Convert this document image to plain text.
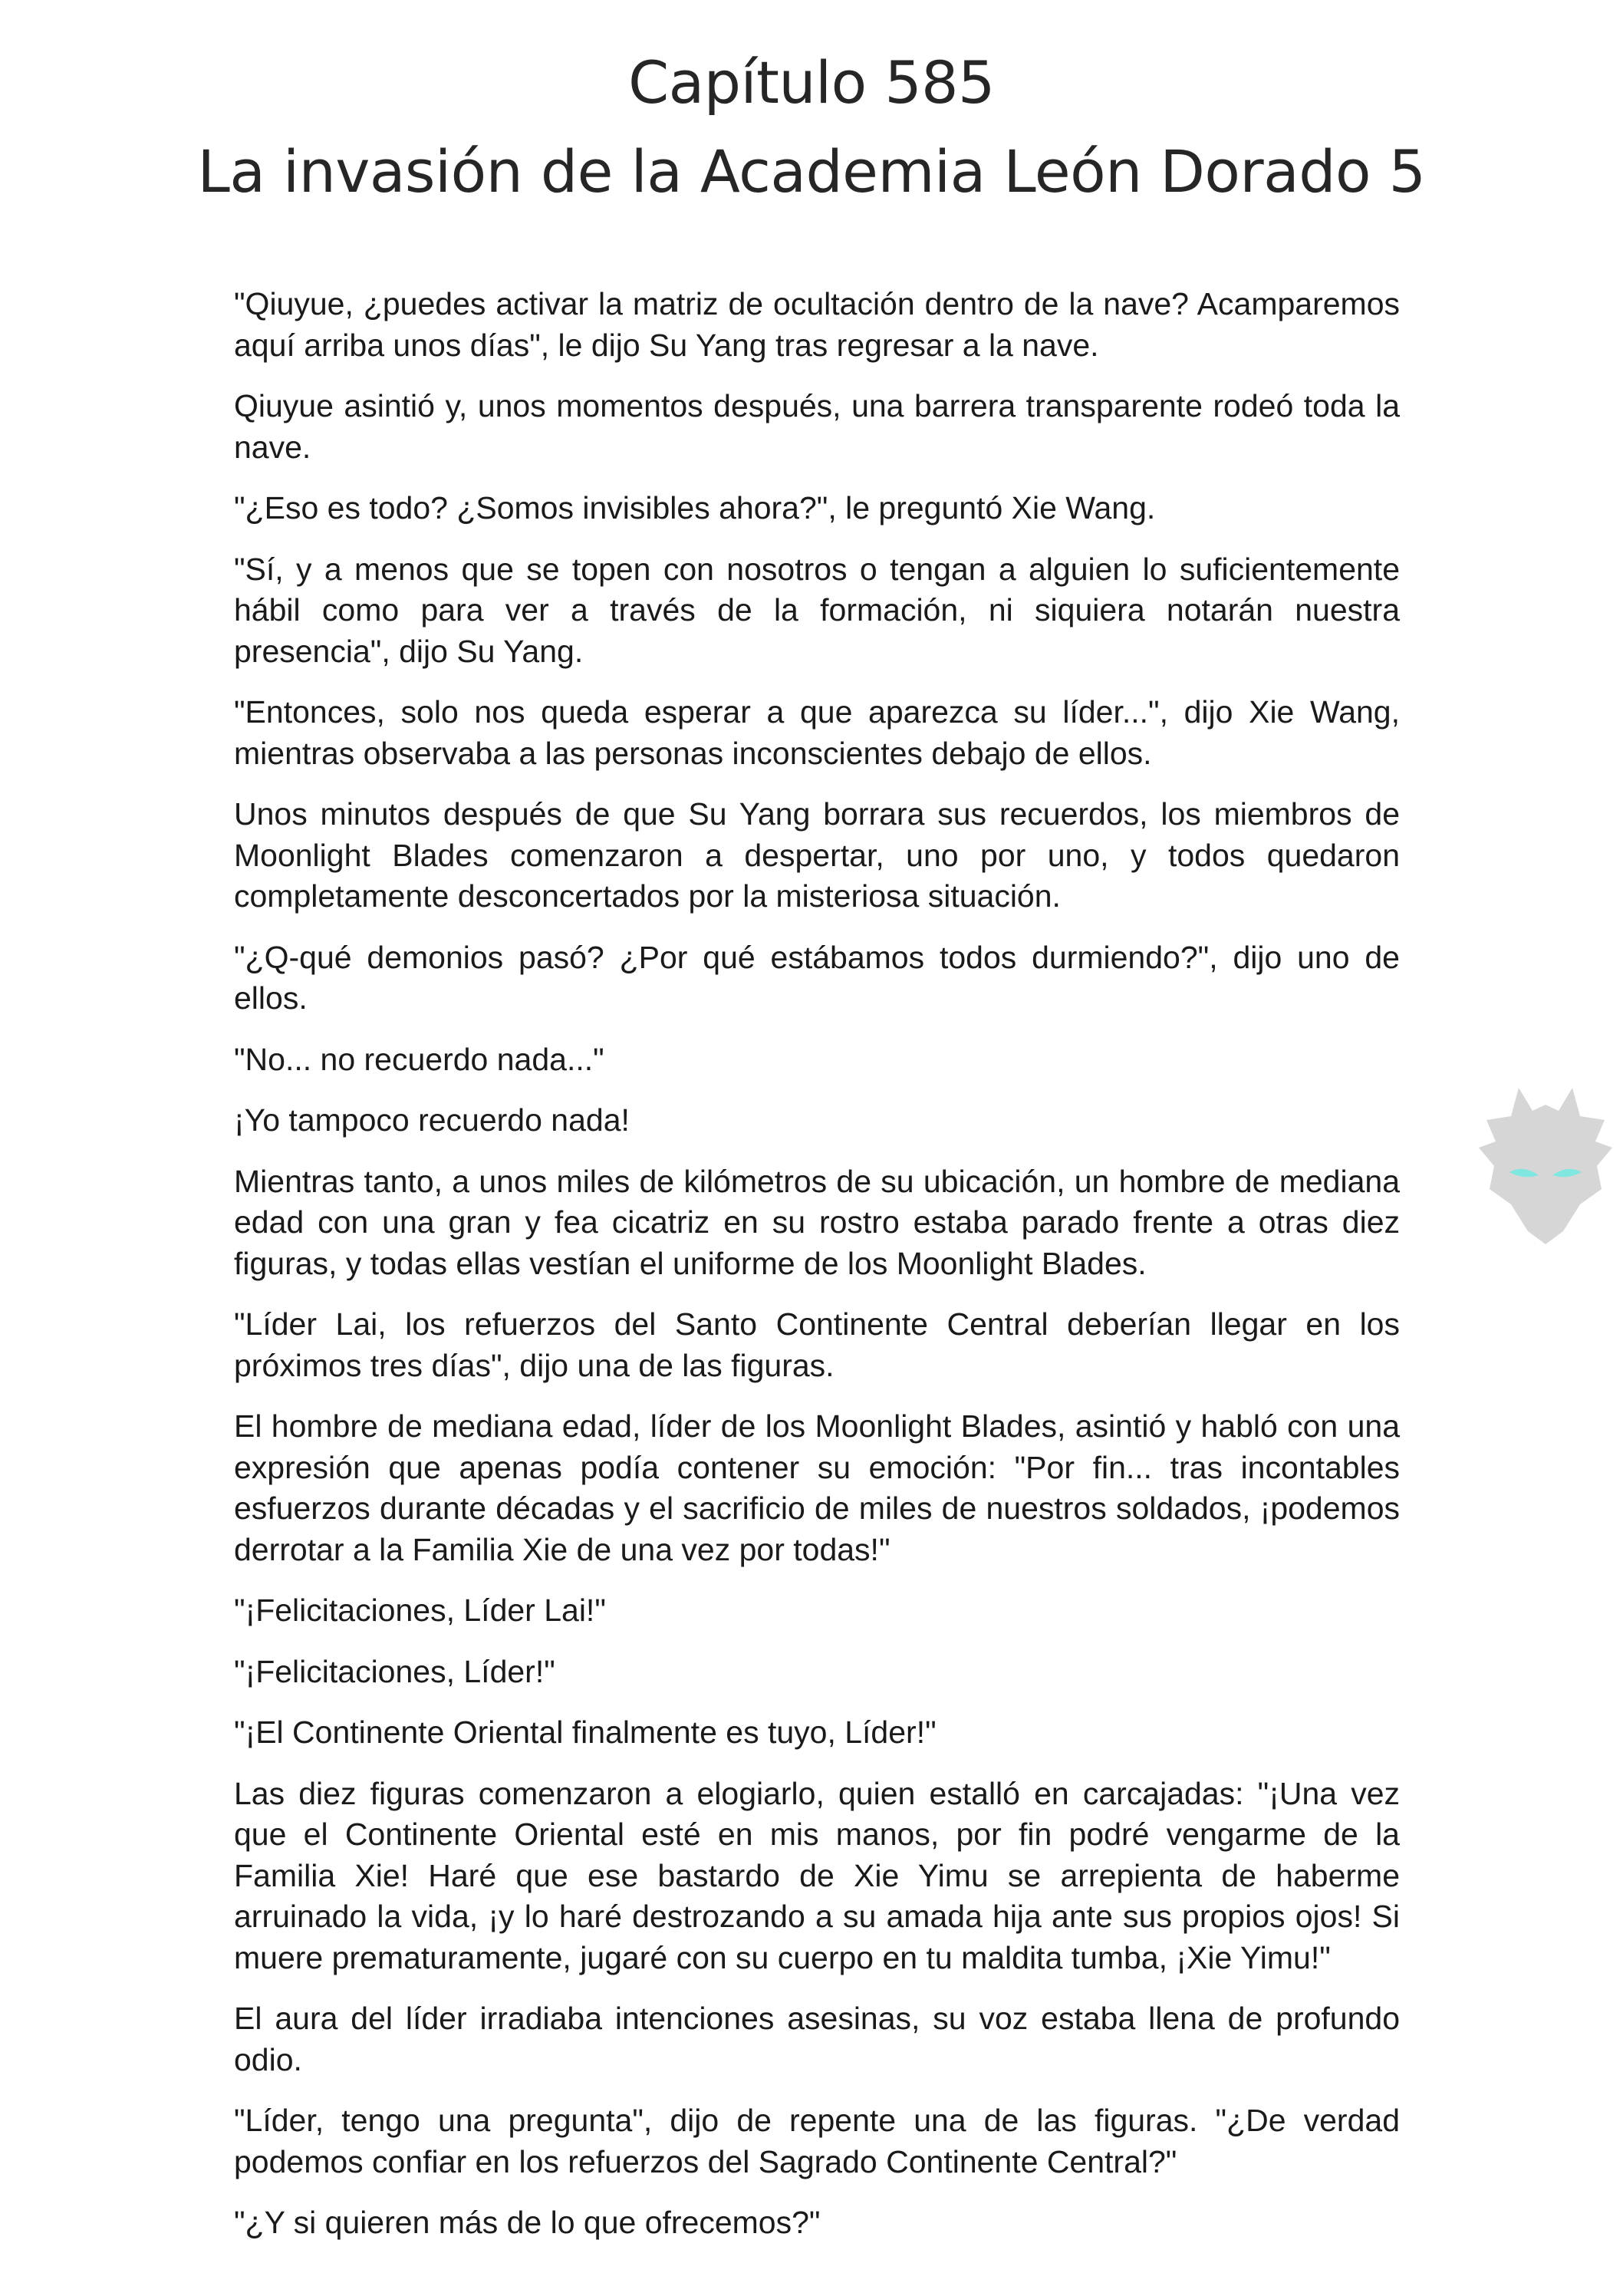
Capítulo 585
La invasión de la Academia León Dorado 5

"Qiuyue, ¿puedes activar la matriz de ocultación dentro de la nave? Acamparemos aquí arriba unos días", le dijo Su Yang tras regresar a la nave.

Qiuyue asintió y, unos momentos después, una barrera transparente rodeó toda la nave.

"¿Eso es todo? ¿Somos invisibles ahora?", le preguntó Xie Wang.

"Sí, y a menos que se topen con nosotros o tengan a alguien lo suficientemente hábil como para ver a través de la formación, ni siquiera notarán nuestra presencia", dijo Su Yang.

"Entonces, solo nos queda esperar a que aparezca su líder...", dijo Xie Wang, mientras observaba a las personas inconscientes debajo de ellos.

Unos minutos después de que Su Yang borrara sus recuerdos, los miembros de Moonlight Blades comenzaron a despertar, uno por uno, y todos quedaron completamente desconcertados por la misteriosa situación.

"¿Q-qué demonios pasó? ¿Por qué estábamos todos durmiendo?", dijo uno de ellos.

"No... no recuerdo nada..."

¡Yo tampoco recuerdo nada!

Mientras tanto, a unos miles de kilómetros de su ubicación, un hombre de mediana edad con una gran y fea cicatriz en su rostro estaba parado frente a otras diez figuras, y todas ellas vestían el uniforme de los Moonlight Blades.

"Líder Lai, los refuerzos del Santo Continente Central deberían llegar en los próximos tres días", dijo una de las figuras.

El hombre de mediana edad, líder de los Moonlight Blades, asintió y habló con una expresión que apenas podía contener su emoción: "Por fin... tras incontables esfuerzos durante décadas y el sacrificio de miles de nuestros soldados, ¡podemos derrotar a la Familia Xie de una vez por todas!"

"¡Felicitaciones, Líder Lai!"

"¡Felicitaciones, Líder!"

"¡El Continente Oriental finalmente es tuyo, Líder!"

Las diez figuras comenzaron a elogiarlo, quien estalló en carcajadas: "¡Una vez que el Continente Oriental esté en mis manos, por fin podré vengarme de la Familia Xie! Haré que ese bastardo de Xie Yimu se arrepienta de haberme arruinado la vida, ¡y lo haré destrozando a su amada hija ante sus propios ojos! Si muere prematuramente, jugaré con su cuerpo en tu maldita tumba, ¡Xie Yimu!"

El aura del líder irradiaba intenciones asesinas, su voz estaba llena de profundo odio.

"Líder, tengo una pregunta", dijo de repente una de las figuras. "¿De verdad podemos confiar en los refuerzos del Sagrado Continente Central?"

"¿Y si quieren más de lo que ofrecemos?"
